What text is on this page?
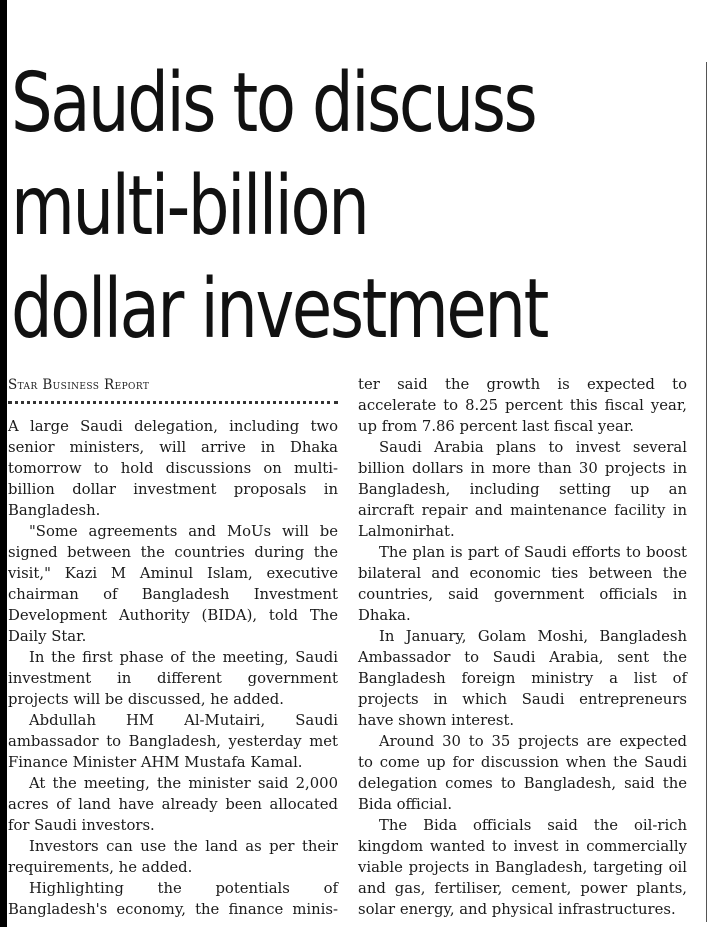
Saudis to discuss
multi-billion
dollar investment
Star Business Report

A large Saudi delegation, including two senior ministers, will arrive in Dhaka tomorrow to hold discussions on multi-billion dollar investment proposals in Bangladesh.

"Some agreements and MoUs will be signed between the countries during the visit," Kazi M Aminul Islam, executive chairman of Bangladesh Investment Development Authority (BIDA), told The Daily Star.

In the first phase of the meeting, Saudi investment in different government projects will be discussed, he added.

Abdullah HM Al-Mutairi, Saudi ambassador to Bangladesh, yesterday met Finance Minister AHM Mustafa Kamal.

At the meeting, the minister said 2,000 acres of land have already been allocated for Saudi investors.

Investors can use the land as per their requirements, he added.

Highlighting the potentials of Bangladesh's economy, the finance minis-

ter said the growth is expected to accelerate to 8.25 percent this fiscal year, up from 7.86 percent last fiscal year.

Saudi Arabia plans to invest several billion dollars in more than 30 projects in Bangladesh, including setting up an aircraft repair and maintenance facility in Lalmonirhat.

The plan is part of Saudi efforts to boost bilateral and economic ties between the countries, said government officials in Dhaka.

In January, Golam Moshi, Bangladesh Ambassador to Saudi Arabia, sent the Bangladesh foreign ministry a list of projects in which Saudi entrepreneurs have shown interest.

Around 30 to 35 projects are expected to come up for discussion when the Saudi delegation comes to Bangladesh, said the Bida official.

The Bida officials said the oil-rich kingdom wanted to invest in commercially viable projects in Bangladesh, targeting oil and gas, fertiliser, cement, power plants, solar energy, and physical infrastructures.
